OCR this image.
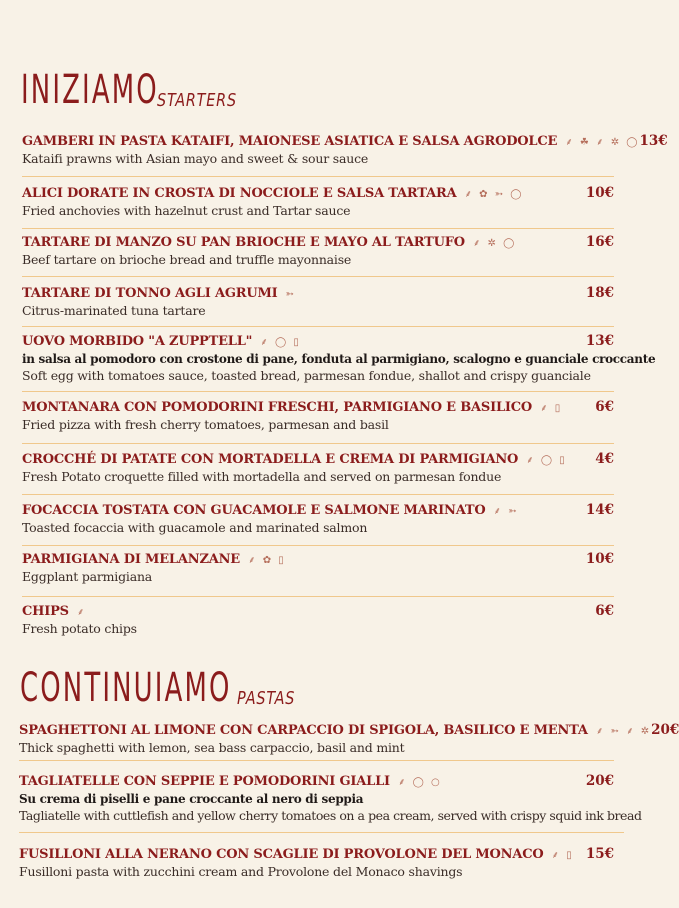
INIZIAMO
STARTERS
GAMBERI IN PASTA KATAIFI, MAIONESE ASIATICA E SALSA AGRODOLCE ⸙ ☘ ⸙ ✲ ◯ 13€
Kataifi prawns with Asian mayo and sweet & sour sauce
ALICI DORATE IN CROSTA DI NOCCIOLE E SALSA TARTARA ⸙ ✿ ➳ ◯	10€
Fried anchovies with hazelnut crust and Tartar sauce
TARTARE DI MANZO SU PAN BRIOCHE E MAYO AL TARTUFO ⸙ ✲ ◯	16€
Beef tartare on brioche bread and truffle mayonnaise
TARTARE DI TONNO AGLI AGRUMI ➳	18€
Citrus-marinated tuna tartare
UOVO MORBIDO "A ZUPPTELL" ⸙ ◯ ▯	13€
in salsa al pomodoro con crostone di pane, fonduta al parmigiano, scalogno e guanciale croccante
Soft egg with tomatoes sauce, toasted bread, parmesan fondue, shallot and crispy guanciale
MONTANARA CON POMODORINI FRESCHI, PARMIGIANO E BASILICO ⸙ ▯ 6€
Fried pizza with fresh cherry tomatoes, parmesan and basil
CROCCHÉ DI PATATE CON MORTADELLA E CREMA DI PARMIGIANO ⸙ ◯ ▯ 4€
Fresh Potato croquette filled with mortadella and served on parmesan fondue
FOCACCIA TOSTATA CON GUACAMOLE E SALMONE MARINATO ⸙ ➳	14€
Toasted focaccia with guacamole and marinated salmon
PARMIGIANA DI MELANZANE ⸙ ✿ ▯	10€
Eggplant parmigiana
CHIPS ⸙	6€
Fresh potato chips
CONTINUIAMO PASTAS
SPAGHETTONI AL LIMONE CON CARPACCIO DI SPIGOLA, BASILICO E MENTA ⸙ ➳ ⸙ ✲ 20€
Thick spaghetti with lemon, sea bass carpaccio, basil and mint
TAGLIATELLE CON SEPPIE E POMODORINI GIALLI ⸙ ◯ ○	20€
Su crema di piselli e pane croccante al nero di seppia
Tagliatelle with cuttlefish and yellow cherry tomatoes on a pea cream, served with crispy squid ink bread
FUSILLONI ALLA NERANO CON SCAGLIE DI PROVOLONE DEL MONACO ⸙ ▯ 15€
Fusilloni pasta with zucchini cream and Provolone del Monaco shavings
